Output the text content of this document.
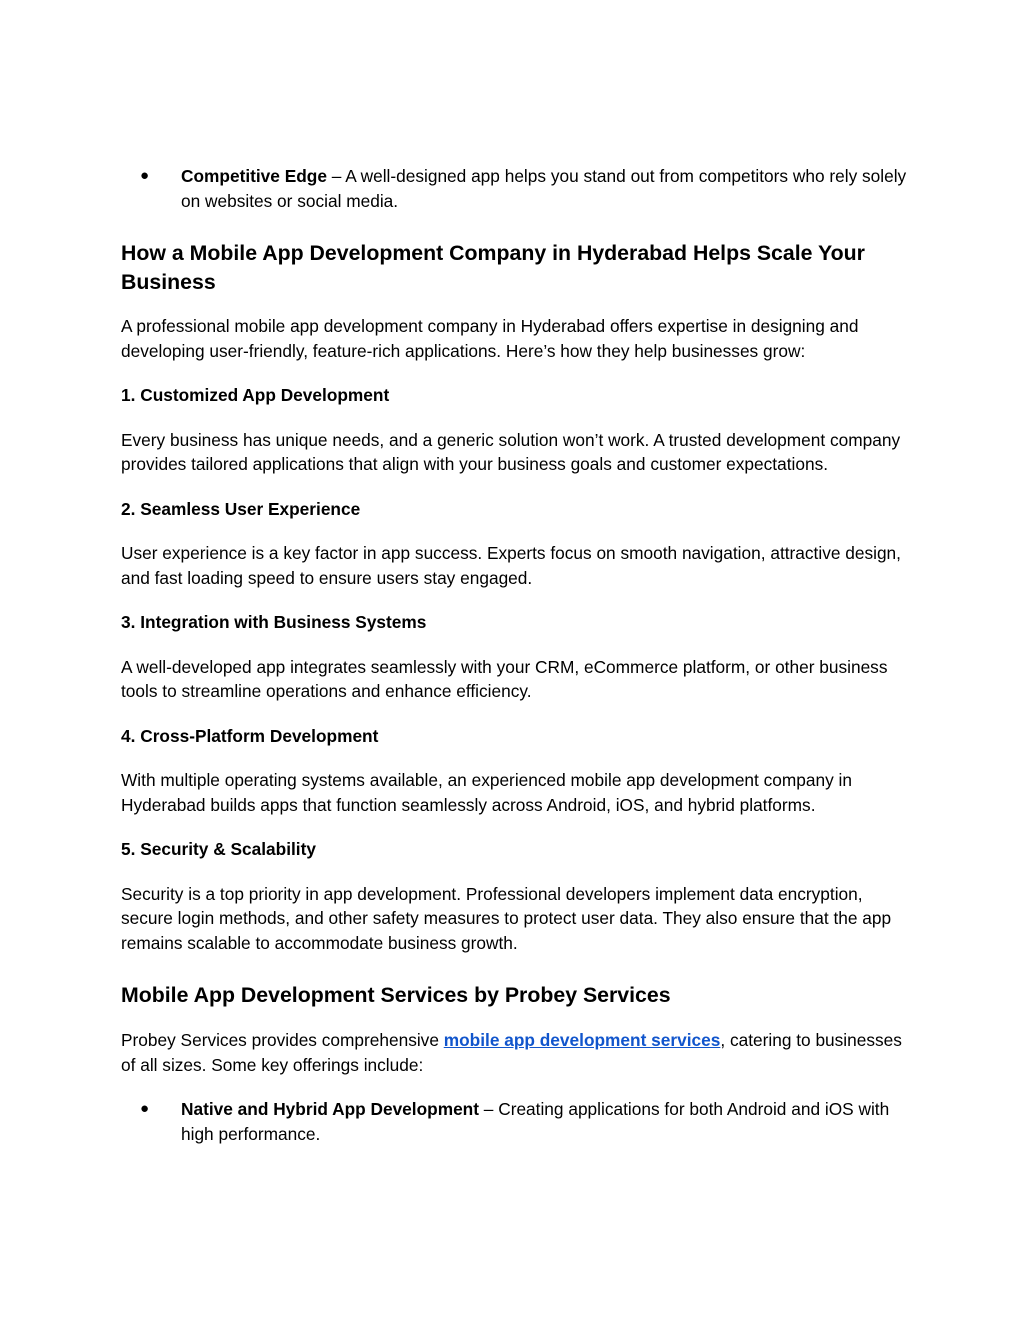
● Competitive Edge – A well-designed app helps you stand out from competitors who rely solely on websites or social media.
How a Mobile App Development Company in Hyderabad Helps Scale Your Business

A professional mobile app development company in Hyderabad offers expertise in designing and developing user-friendly, feature-rich applications. Here’s how they help businesses grow:

1. Customized App Development

Every business has unique needs, and a generic solution won’t work. A trusted development company provides tailored applications that align with your business goals and customer expectations.

2. Seamless User Experience

User experience is a key factor in app success. Experts focus on smooth navigation, attractive design, and fast loading speed to ensure users stay engaged.

3. Integration with Business Systems

A well-developed app integrates seamlessly with your CRM, eCommerce platform, or other business tools to streamline operations and enhance efficiency.

4. Cross-Platform Development

With multiple operating systems available, an experienced mobile app development company in Hyderabad builds apps that function seamlessly across Android, iOS, and hybrid platforms.

5. Security & Scalability

Security is a top priority in app development. Professional developers implement data encryption, secure login methods, and other safety measures to protect user data. They also ensure that the app remains scalable to accommodate business growth.

Mobile App Development Services by Probey Services

Probey Services provides comprehensive mobile app development services, catering to businesses of all sizes. Some key offerings include:

● Native and Hybrid App Development – Creating applications for both Android and iOS with high performance.
